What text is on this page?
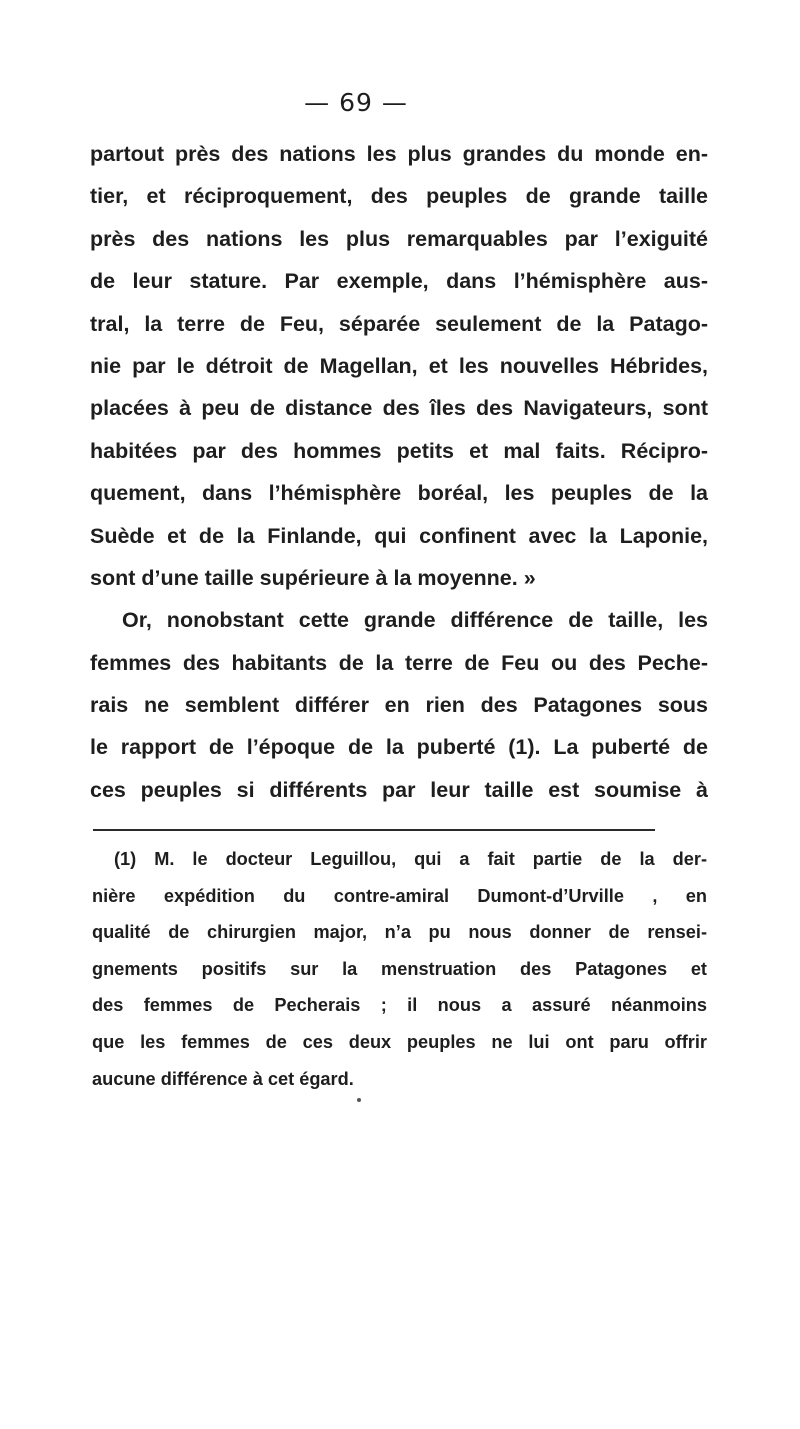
— 69 —
partout près des nations les plus grandes du monde en-
tier, et réciproquement, des peuples de grande taille
près des nations les plus remarquables par l’exiguité
de leur stature. Par exemple, dans l’hémisphère aus-
tral, la terre de Feu, séparée seulement de la Patago-
nie par le détroit de Magellan, et les nouvelles Hébrides,
placées à peu de distance des îles des Navigateurs, sont
habitées par des hommes petits et mal faits. Récipro-
quement, dans l’hémisphère boréal, les peuples de la
Suède et de la Finlande, qui confinent avec la Laponie,
sont d’une taille supérieure à la moyenne. »
Or, nonobstant cette grande différence de taille, les
femmes des habitants de la terre de Feu ou des Peche-
rais ne semblent différer en rien des Patagones sous
le rapport de l’époque de la puberté (1). La puberté de
ces peuples si différents par leur taille est soumise à
(1) M. le docteur Leguillou, qui a fait partie de la der-
nière expédition du contre-amiral Dumont-d’Urville , en
qualité de chirurgien major, n’a pu nous donner de rensei-
gnements positifs sur la menstruation des Patagones et
des femmes de Pecherais ; il nous a assuré néanmoins
que les femmes de ces deux peuples ne lui ont paru offrir
aucune différence à cet égard.
